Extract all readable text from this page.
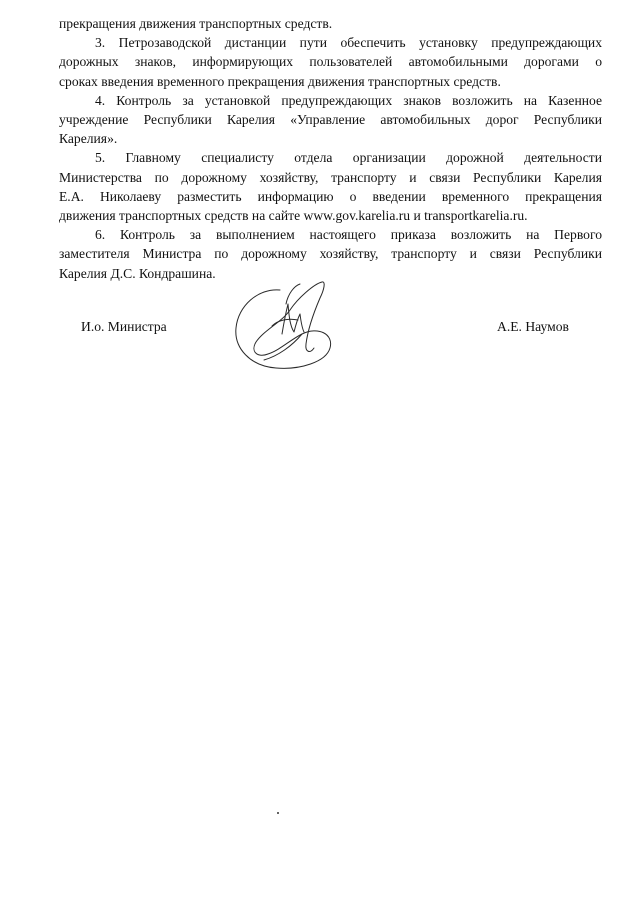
прекращения движения транспортных средств.

3. Петрозаводской дистанции пути обеспечить установку предупреждающих
дорожных знаков, информирующих пользователей автомобильными дорогами о
сроках введения временного прекращения движения транспортных средств.

4. Контроль за установкой предупреждающих знаков возложить на Казенное
учреждение Республики Карелия «Управление автомобильных дорог Республики
Карелия».

5. Главному специалисту отдела организации дорожной деятельности
Министерства по дорожному хозяйству, транспорту и связи Республики Карелия
Е.А. Николаеву разместить информацию о введении временного прекращения
движения транспортных средств на сайте www.gov.karelia.ru и transportkarelia.ru.

6. Контроль за выполнением настоящего приказа возложить на Первого
заместителя Министра по дорожному хозяйству, транспорту и связи Республики
Карелия Д.С. Кондрашина.

И.о. Министра	А.Е. Наумов
